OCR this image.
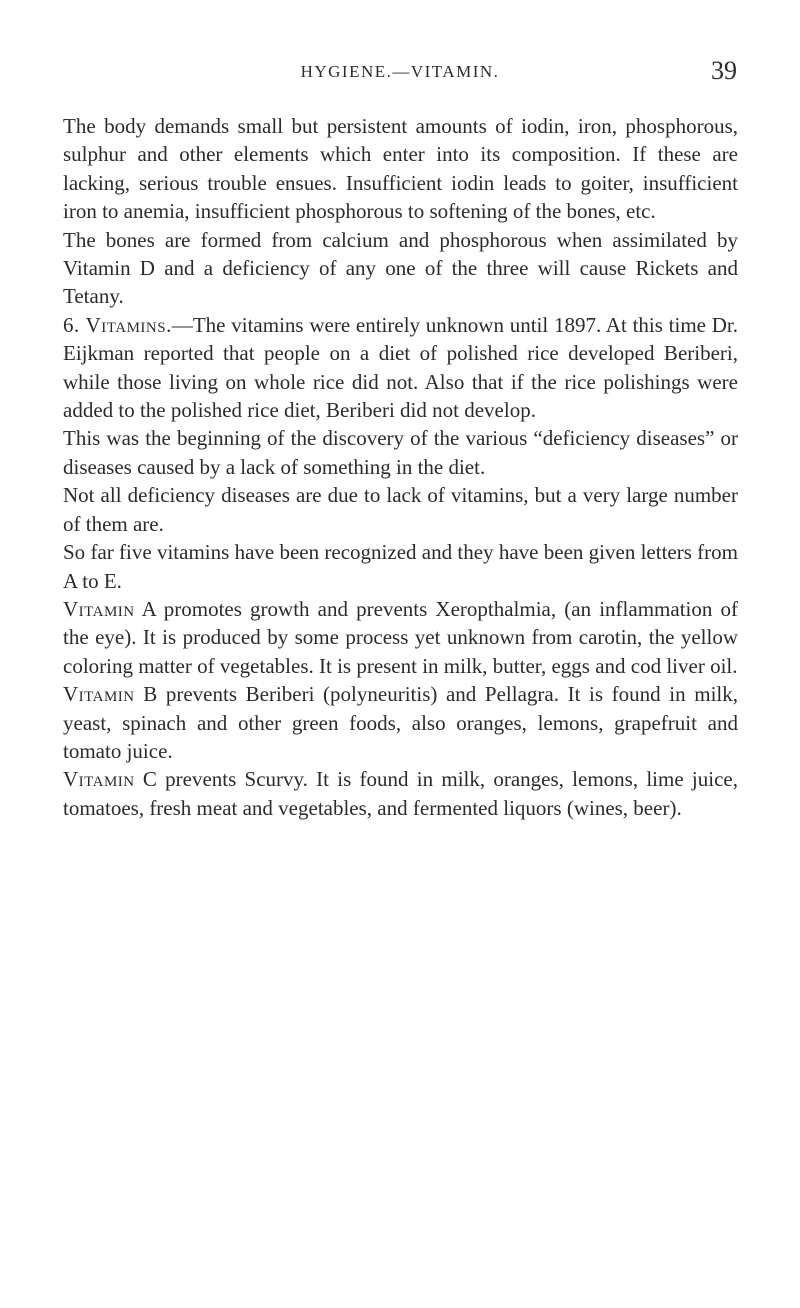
HYGIENE.—VITAMIN.	39

The body demands small but persistent amounts of iodin, iron, phosphorous, sulphur and other elements which enter into its composition. If these are lacking, serious trouble ensues. Insufficient iodin leads to goiter, insufficient iron to anemia, insufficient phosphorous to softening of the bones, etc.

The bones are formed from calcium and phosphorous when assimilated by Vitamin D and a deficiency of any one of the three will cause Rickets and Tetany.

6. Vitamins.—The vitamins were entirely unknown until 1897. At this time Dr. Eijkman reported that people on a diet of polished rice developed Beriberi, while those living on whole rice did not. Also that if the rice polishings were added to the polished rice diet, Beriberi did not develop.

This was the beginning of the discovery of the various “deficiency diseases” or diseases caused by a lack of something in the diet.

Not all deficiency diseases are due to lack of vitamins, but a very large number of them are.

So far five vitamins have been recognized and they have been given letters from A to E.

Vitamin A promotes growth and prevents Xeropthalmia, (an inflammation of the eye). It is produced by some process yet unknown from carotin, the yellow coloring matter of vegetables. It is present in milk, butter, eggs and cod liver oil.

Vitamin B prevents Beriberi (polyneuritis) and Pellagra. It is found in milk, yeast, spinach and other green foods, also oranges, lemons, grapefruit and tomato juice.

Vitamin C prevents Scurvy. It is found in milk, oranges, lemons, lime juice, tomatoes, fresh meat and vegetables, and fermented liquors (wines, beer).
